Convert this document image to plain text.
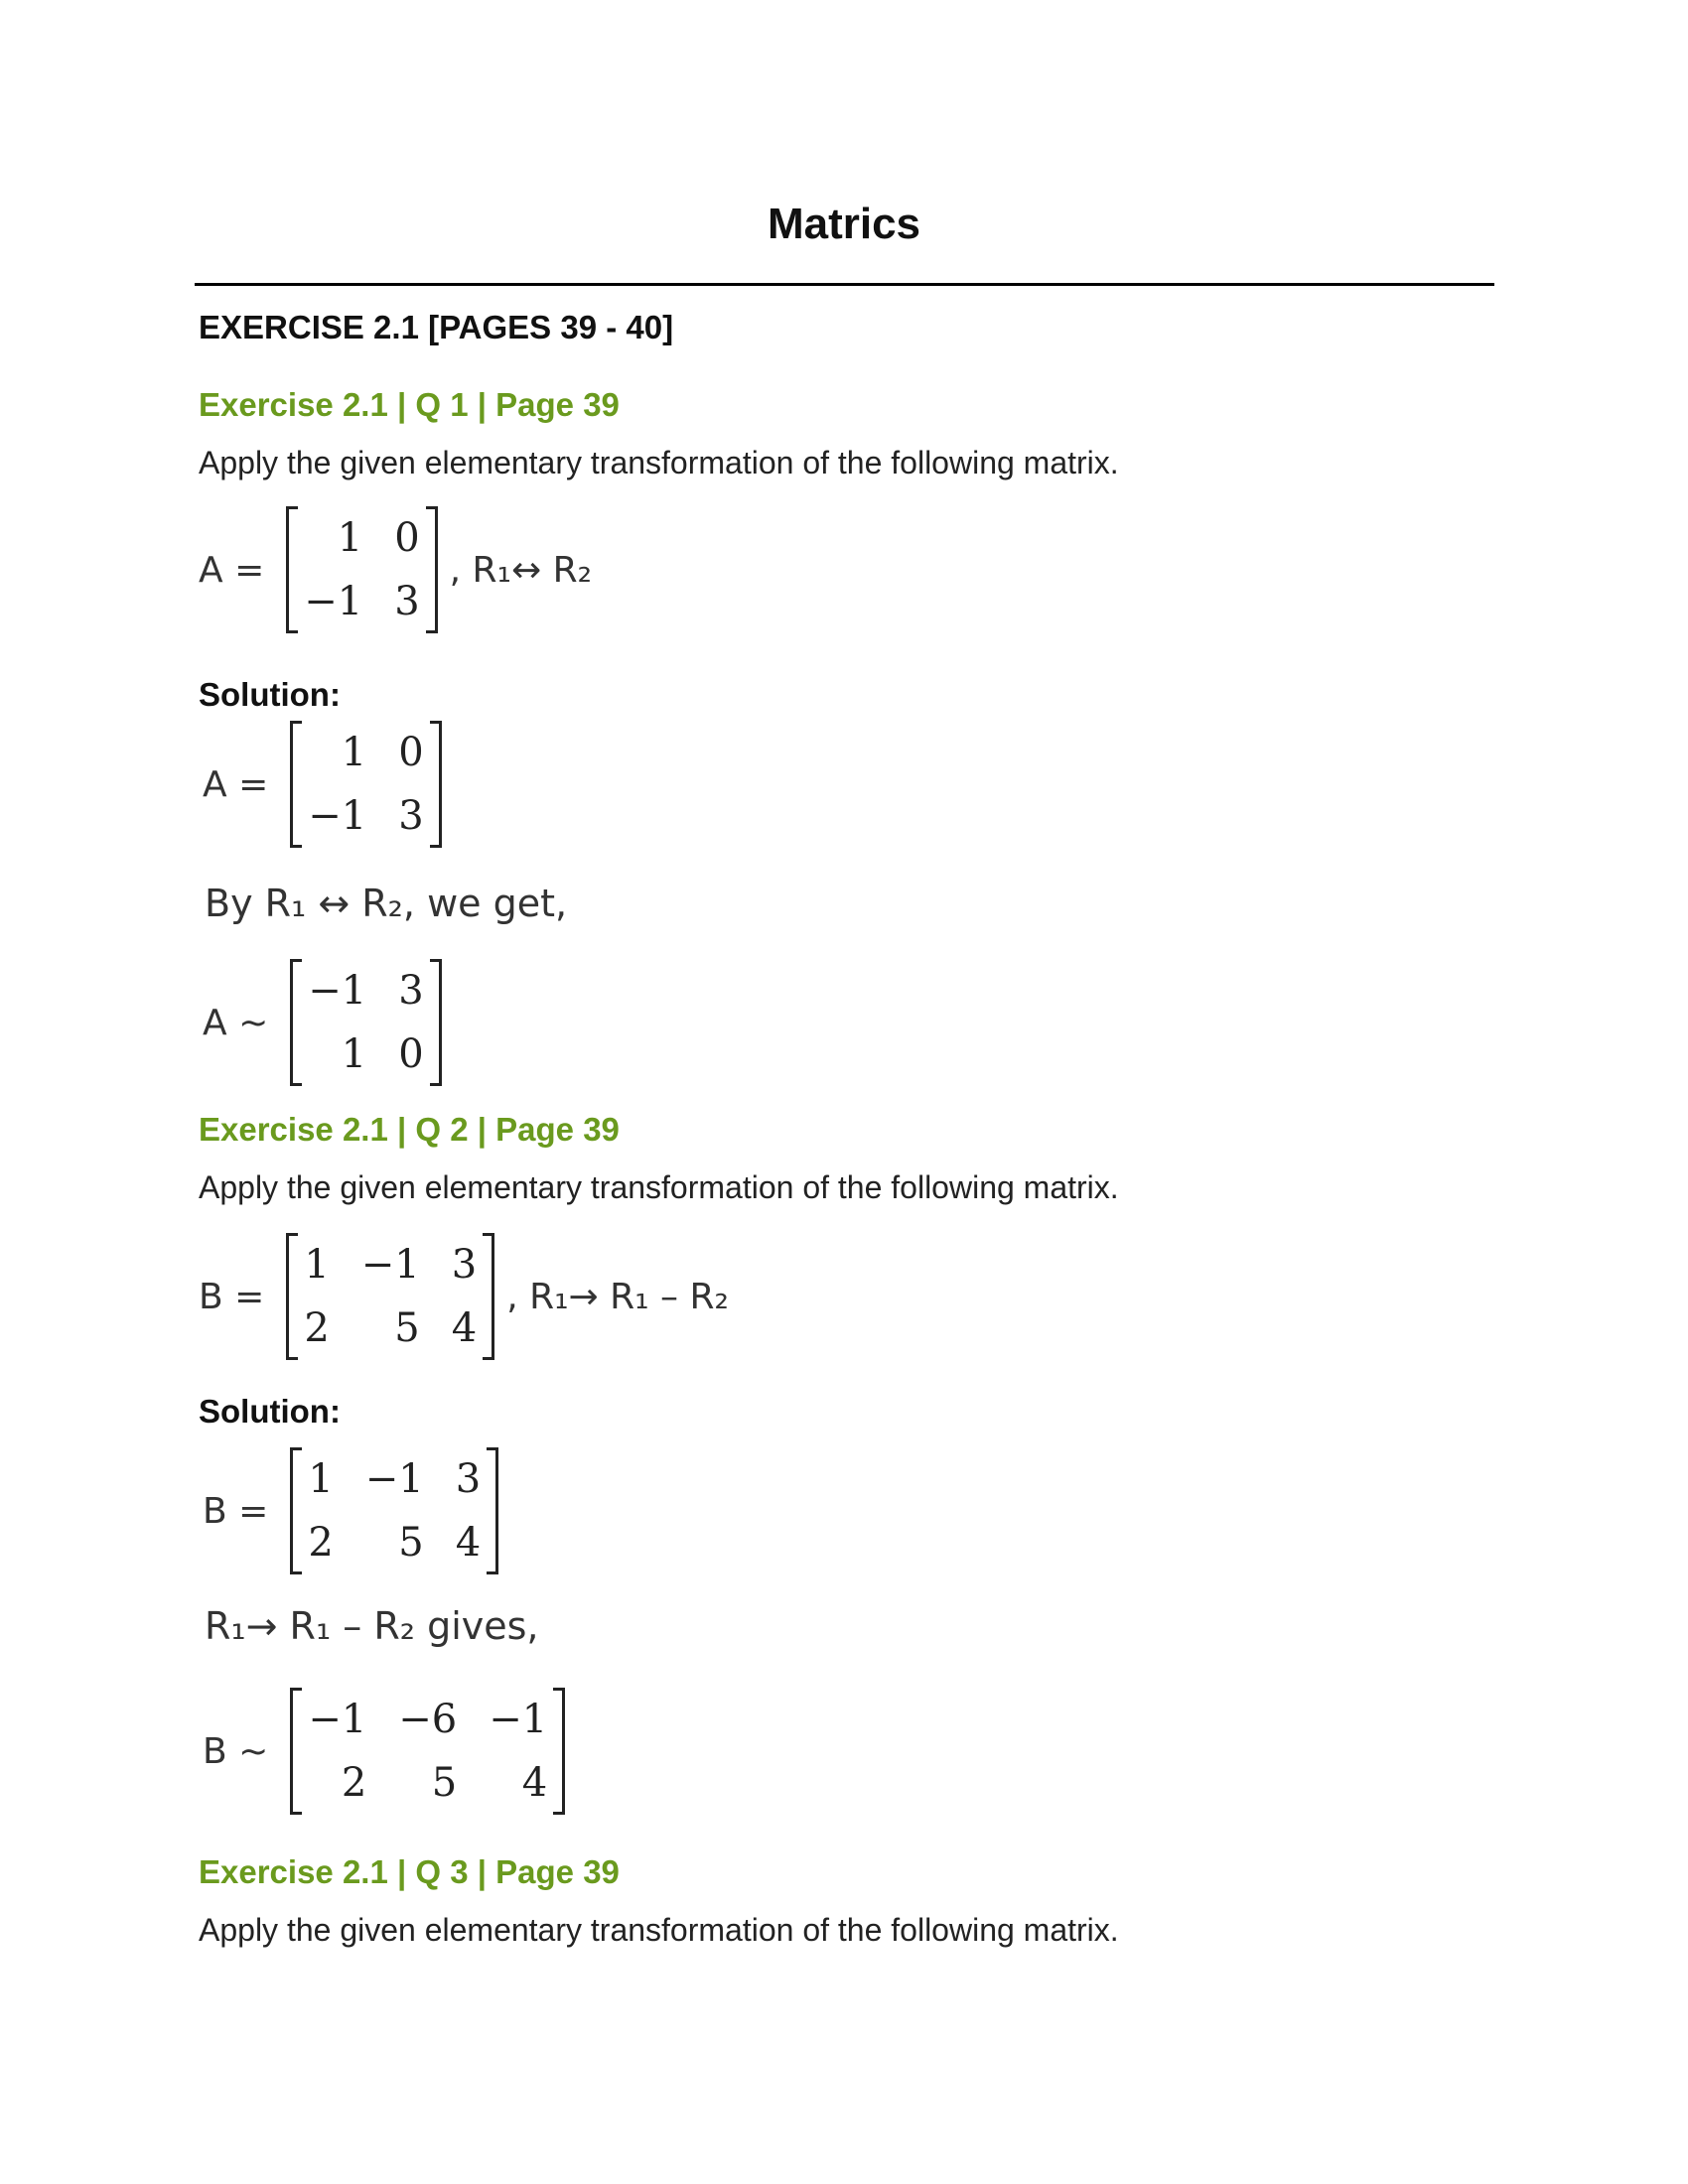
Matrics
EXERCISE 2.1 [PAGES 39 - 40]
Exercise 2.1 | Q 1 | Page 39
Apply the given elementary transformation of the following matrix.
A =
1 0
−1 3
, R₁↔ R₂
Solution:
A =
1 0
−1 3
By R₁ ↔ R₂, we get,
A ~
−1 3
1 0
Exercise 2.1 | Q 2 | Page 39
Apply the given elementary transformation of the following matrix.
B =
1 −1 3
2	5 4
, R₁→ R₁ – R₂
Solution:
B =
1 −1 3
2	5 4
R₁→ R₁ – R₂ gives,
B ~
−1 −6 −1
2	5	4
Exercise 2.1 | Q 3 | Page 39
Apply the given elementary transformation of the following matrix.
